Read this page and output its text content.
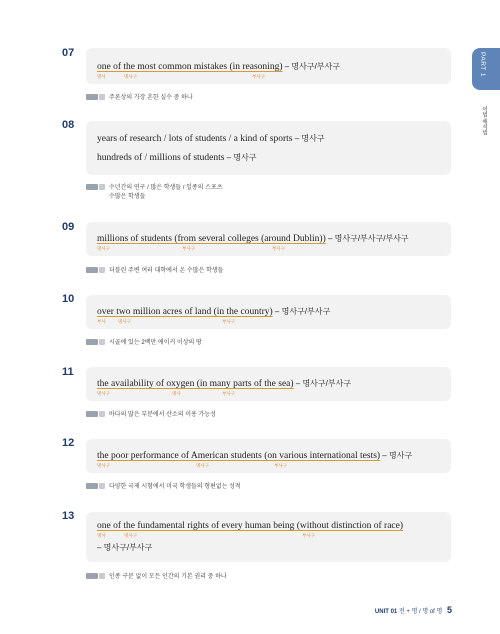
PART 1
어법·해석법
07
one of the most common mistakes (in reasoning) – 명사구/부사구
명사	명사구	부사구
주론상의 가장 흔한 실수 중 하나
08
years of research / lots of students / a kind of sports – 명사구
hundreds of / millions of students – 명사구
수년간의 연구 / 많은 학생들 / 일종의 스포츠
수많은 학생들
09
millions of students (from several colleges (around Dublin)) – 명사구/부사구/부사구
명사구	부사구	부사구
더블린 주변 여러 대학에서 온 수많은 학생들
10
over two million acres of land (in the country) – 명사구/부사구
부사	명사구	부사구
시골에 있는 2백만 에이커 이상의 땅
11
the availability of oxygen (in many parts of the sea) – 명사구/부사구
명사구	명사	부사구
바다의 많은 부분에서 산소의 이용 가능성
12
the poor performance of American students (on various international tests) – 명사구
명사구	명사구	부사구
다양한 국제 시험에서 미국 학생들의 형편없는 성적
13
one of the fundamental rights of every human being (without distinction of race)
명사	명사구	부사구
– 명사구/부사구
인종 구분 없이 모든 인간의 기본 권리 중 하나
UNIT 01 전 + 명 / 명 of 명 5
